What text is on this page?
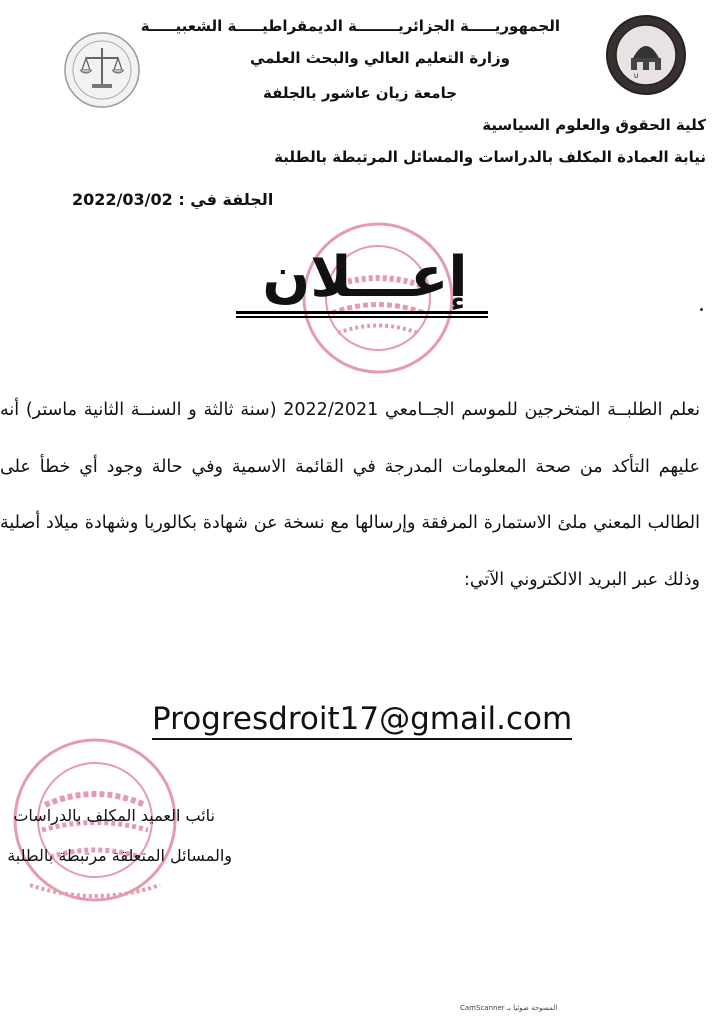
U
الجمهوريـــــة الجزائريــــــــة الديمقراطيـــــة الشعبيـــــة
وزارة التعليم العالي والبحث العلمي
جامعة زيان عاشور بالجلفة
كلية الحقوق والعلوم السياسية
نيابة العمادة المكلف بالدراسات والمسائل المرتبطة بالطلبة
الجلفة في : 2022/03/02
إعـــلان
نعلم الطلبــة المتخرجين للموسم الجــامعي 2022/2021 (سنة ثالثة و السنــة الثانية ماستر) أنه عليهم التأكد من صحة المعلومات المدرجة في القائمة الاسمية وفي حالة وجود أي خطأ على الطالب المعني ملئ الاستمارة المرفقة وإرسالها مع نسخة عن شهادة بكالوريا وشهادة ميلاد أصلية وذلك عبر البريد الالكتروني الآتي:
Progresdroit17@gmail.com
نائب العميد المكلف بالدراسات
والمسائل المتعلقة مرتبطة بالطلبة
CamScanner المسوحة ضوئيا بـ
